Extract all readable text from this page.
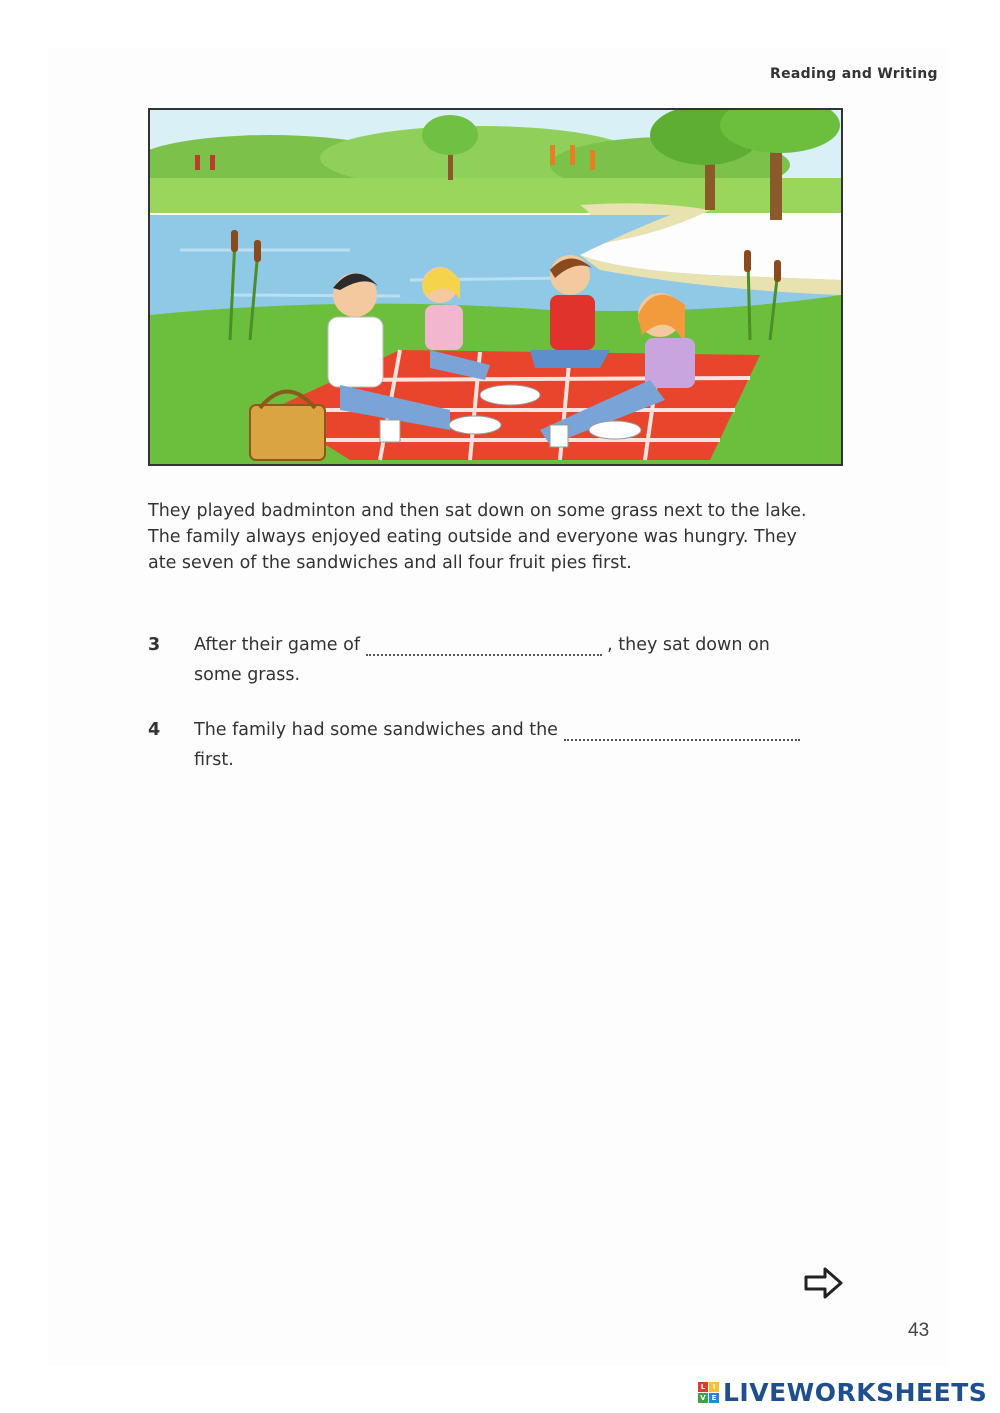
Reading and Writing

They played badminton and then sat down on some grass next to the lake.

The family always enjoyed eating outside and everyone was hungry. They

ate seven of the sandwiches and all four fruit pies first.

3	After their game of	, they sat down on
some grass.
4	The family had some sandwiches and the
first.
43
L	I
V E LIVEWORKSHEETS
